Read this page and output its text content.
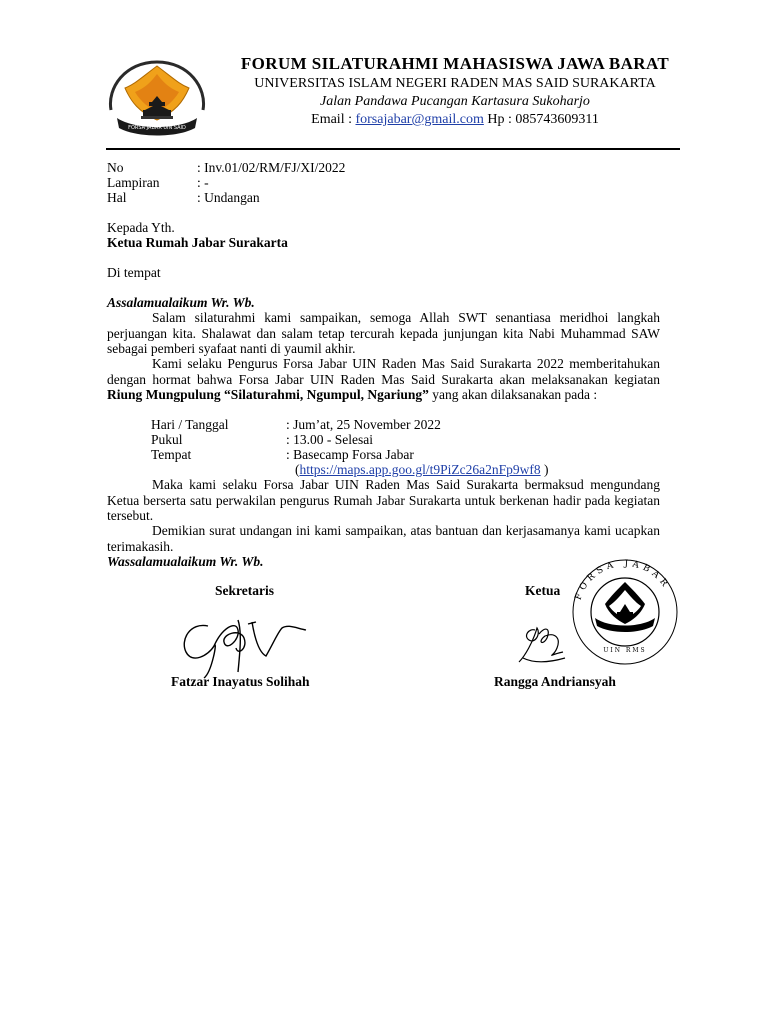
FORSA JABAR UIN SAID
FORUM SILATURAHMI MAHASISWA JAWA BARAT
UNIVERSITAS ISLAM NEGERI RADEN MAS SAID SURAKARTA
Jalan Pandawa Pucangan Kartasura Sukoharjo
Email : forsajabar@gmail.com Hp : 085743609311
No	: Inv.01/02/RM/FJ/XI/2022
Lampiran	: -
Hal	: Undangan
Kepada Yth.
Ketua Rumah Jabar Surakarta
Di tempat
Assalamualaikum Wr. Wb.
Salam silaturahmi kami sampaikan, semoga Allah SWT senantiasa meridhoi langkah perjuangan kita. Shalawat dan salam tetap tercurah kepada junjungan kita Nabi Muhammad SAW sebagai pemberi syafaat nanti di yaumil akhir.
Kami selaku Pengurus Forsa Jabar UIN Raden Mas Said Surakarta 2022 memberitahukan dengan hormat bahwa Forsa Jabar UIN Raden Mas Said Surakarta akan melaksanakan kegiatan Riung Mungpulung “Silaturahmi, Ngumpul, Ngariung” yang akan dilaksanakan pada :
Hari / Tanggal	: Jum’at, 25 November 2022
Pukul	: 13.00 - Selesai
Tempat	: Basecamp Forsa Jabar
(https://maps.app.goo.gl/t9PiZc26a2nFp9wf8 )
Maka kami selaku Forsa Jabar UIN Raden Mas Said Surakarta bermaksud mengundang Ketua berserta satu perwakilan pengurus Rumah Jabar Surakarta untuk berkenan hadir pada kegiatan tersebut.
Demikian surat undangan ini kami sampaikan, atas bantuan dan kerjasamanya kami ucapkan terimakasih.
Wassalamualaikum Wr. Wb.
Sekretaris	Ketua FORSA JABAR
UIN RMS
Fatzar Inayatus Solihah	Rangga Andriansyah
